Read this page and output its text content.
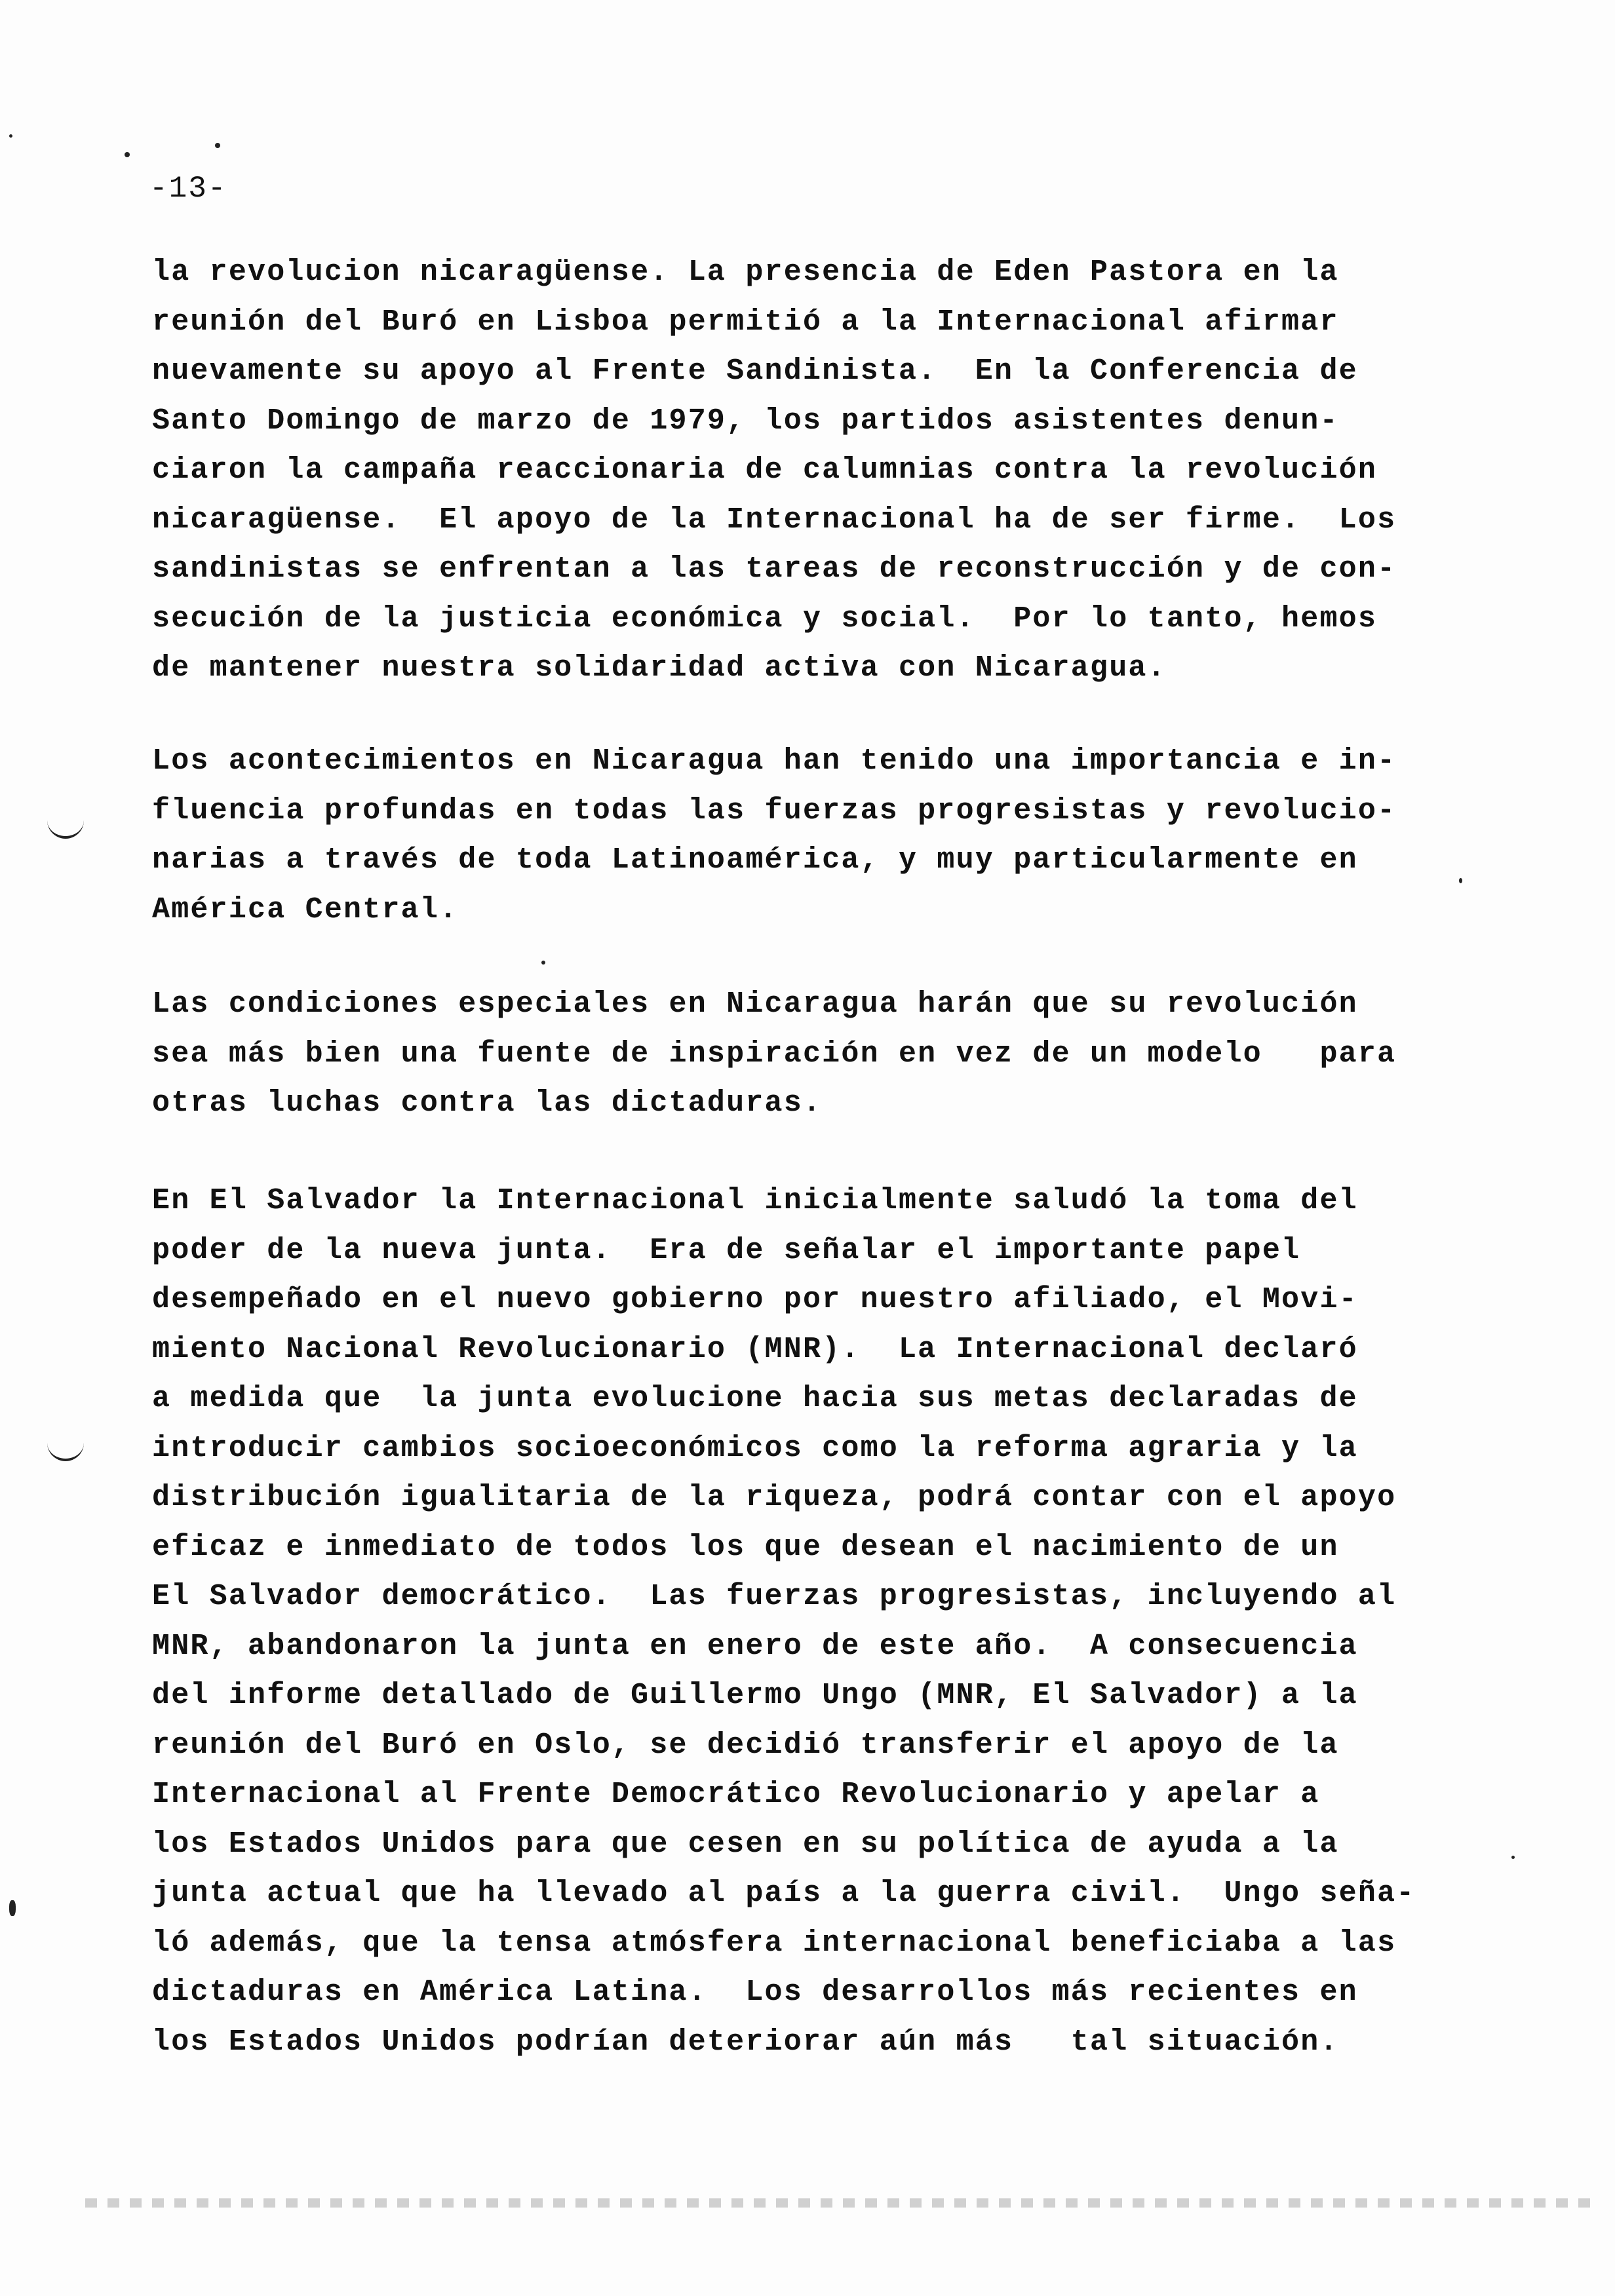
-13-
la revolucion nicaragüense. La presencia de Eden Pastora en la
reunión del Buró en Lisboa permitió a la Internacional afirmar
nuevamente su apoyo al Frente Sandinista.  En la Conferencia de
Santo Domingo de marzo de 1979, los partidos asistentes denun-
ciaron la campaña reaccionaria de calumnias contra la revolución
nicaragüense.  El apoyo de la Internacional ha de ser firme.  Los
sandinistas se enfrentan a las tareas de reconstrucción y de con-
secución de la justicia económica y social.  Por lo tanto, hemos
de mantener nuestra solidaridad activa con Nicaragua.
Los acontecimientos en Nicaragua han tenido una importancia e in-
fluencia profundas en todas las fuerzas progresistas y revolucio-
narias a través de toda Latinoamérica, y muy particularmente en
América Central.
Las condiciones especiales en Nicaragua harán que su revolución
sea más bien una fuente de inspiración en vez de un modelo   para
otras luchas contra las dictaduras.
En El Salvador la Internacional inicialmente saludó la toma del
poder de la nueva junta.  Era de señalar el importante papel
desempeñado en el nuevo gobierno por nuestro afiliado, el Movi-
miento Nacional Revolucionario (MNR).  La Internacional declaró
a medida que  la junta evolucione hacia sus metas declaradas de
introducir cambios socioeconómicos como la reforma agraria y la
distribución igualitaria de la riqueza, podrá contar con el apoyo
eficaz e inmediato de todos los que desean el nacimiento de un
El Salvador democrático.  Las fuerzas progresistas, incluyendo al
MNR, abandonaron la junta en enero de este año.  A consecuencia
del informe detallado de Guillermo Ungo (MNR, El Salvador) a la
reunión del Buró en Oslo, se decidió transferir el apoyo de la
Internacional al Frente Democrático Revolucionario y apelar a
los Estados Unidos para que cesen en su política de ayuda a la
junta actual que ha llevado al país a la guerra civil.  Ungo seña-
ló además, que la tensa atmósfera internacional beneficiaba a las
dictaduras en América Latina.  Los desarrollos más recientes en
los Estados Unidos podrían deteriorar aún más   tal situación.
